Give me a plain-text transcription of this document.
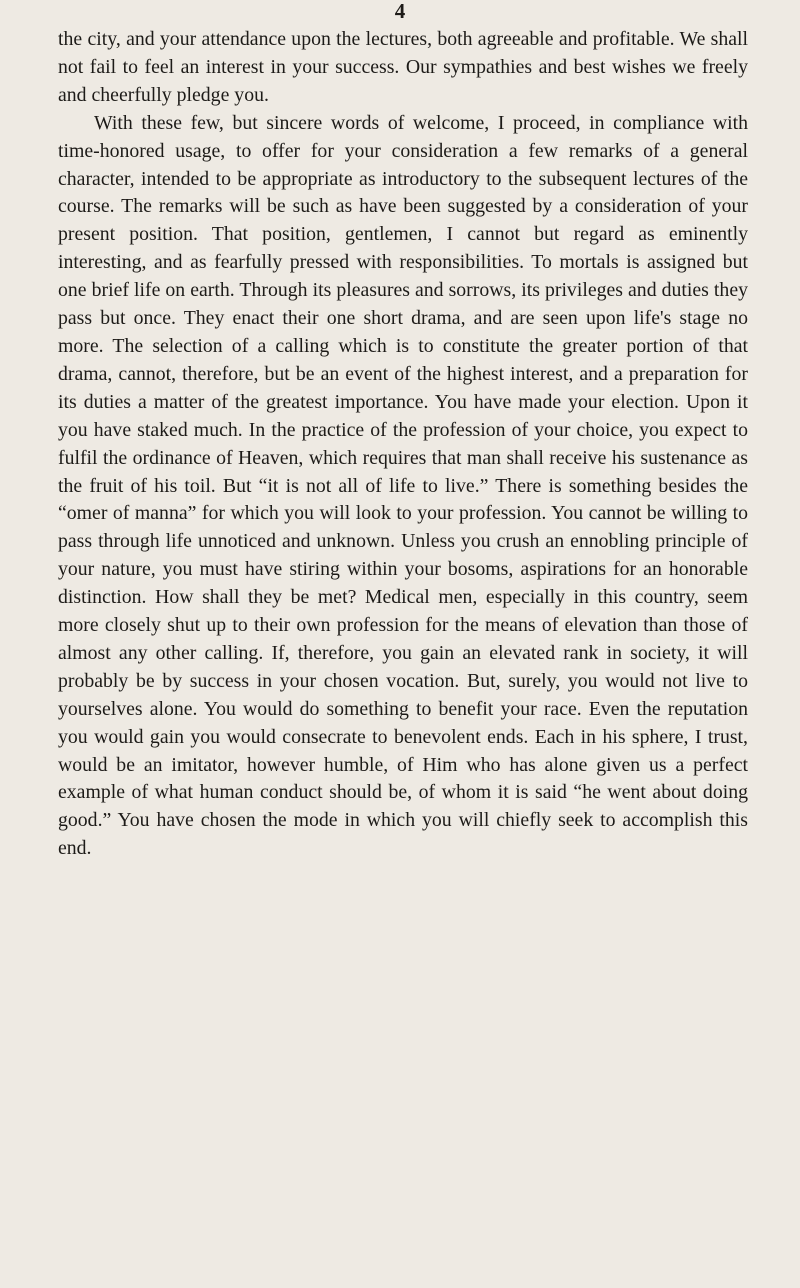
4

the city, and your attendance upon the lectures, both agreeable and profitable. We shall not fail to feel an interest in your success. Our sympathies and best wishes we freely and cheerfully pledge you.

With these few, but sincere words of welcome, I proceed, in compliance with time-honored usage, to offer for your consideration a few remarks of a general character, intended to be appropriate as introductory to the subsequent lectures of the course. The remarks will be such as have been suggested by a consideration of your present position. That position, gentlemen, I cannot but regard as eminently interesting, and as fearfully pressed with responsibilities. To mortals is assigned but one brief life on earth. Through its pleasures and sorrows, its privileges and duties they pass but once. They enact their one short drama, and are seen upon life's stage no more. The selection of a calling which is to constitute the greater portion of that drama, cannot, therefore, but be an event of the highest interest, and a preparation for its duties a matter of the greatest importance. You have made your election. Upon it you have staked much. In the practice of the profession of your choice, you expect to fulfil the ordinance of Heaven, which requires that man shall receive his sustenance as the fruit of his toil. But “it is not all of life to live.” There is something besides the “omer of manna” for which you will look to your profession. You cannot be willing to pass through life unnoticed and unknown. Unless you crush an ennobling principle of your nature, you must have stiring within your bosoms, aspirations for an honorable distinction. How shall they be met? Medical men, especially in this country, seem more closely shut up to their own profession for the means of elevation than those of almost any other calling. If, therefore, you gain an elevated rank in society, it will probably be by success in your chosen vocation. But, surely, you would not live to yourselves alone. You would do something to benefit your race. Even the reputation you would gain you would consecrate to benevolent ends. Each in his sphere, I trust, would be an imitator, however humble, of Him who has alone given us a perfect example of what human conduct should be, of whom it is said “he went about doing good.” You have chosen the mode in which you will chiefly seek to accomplish this end.
